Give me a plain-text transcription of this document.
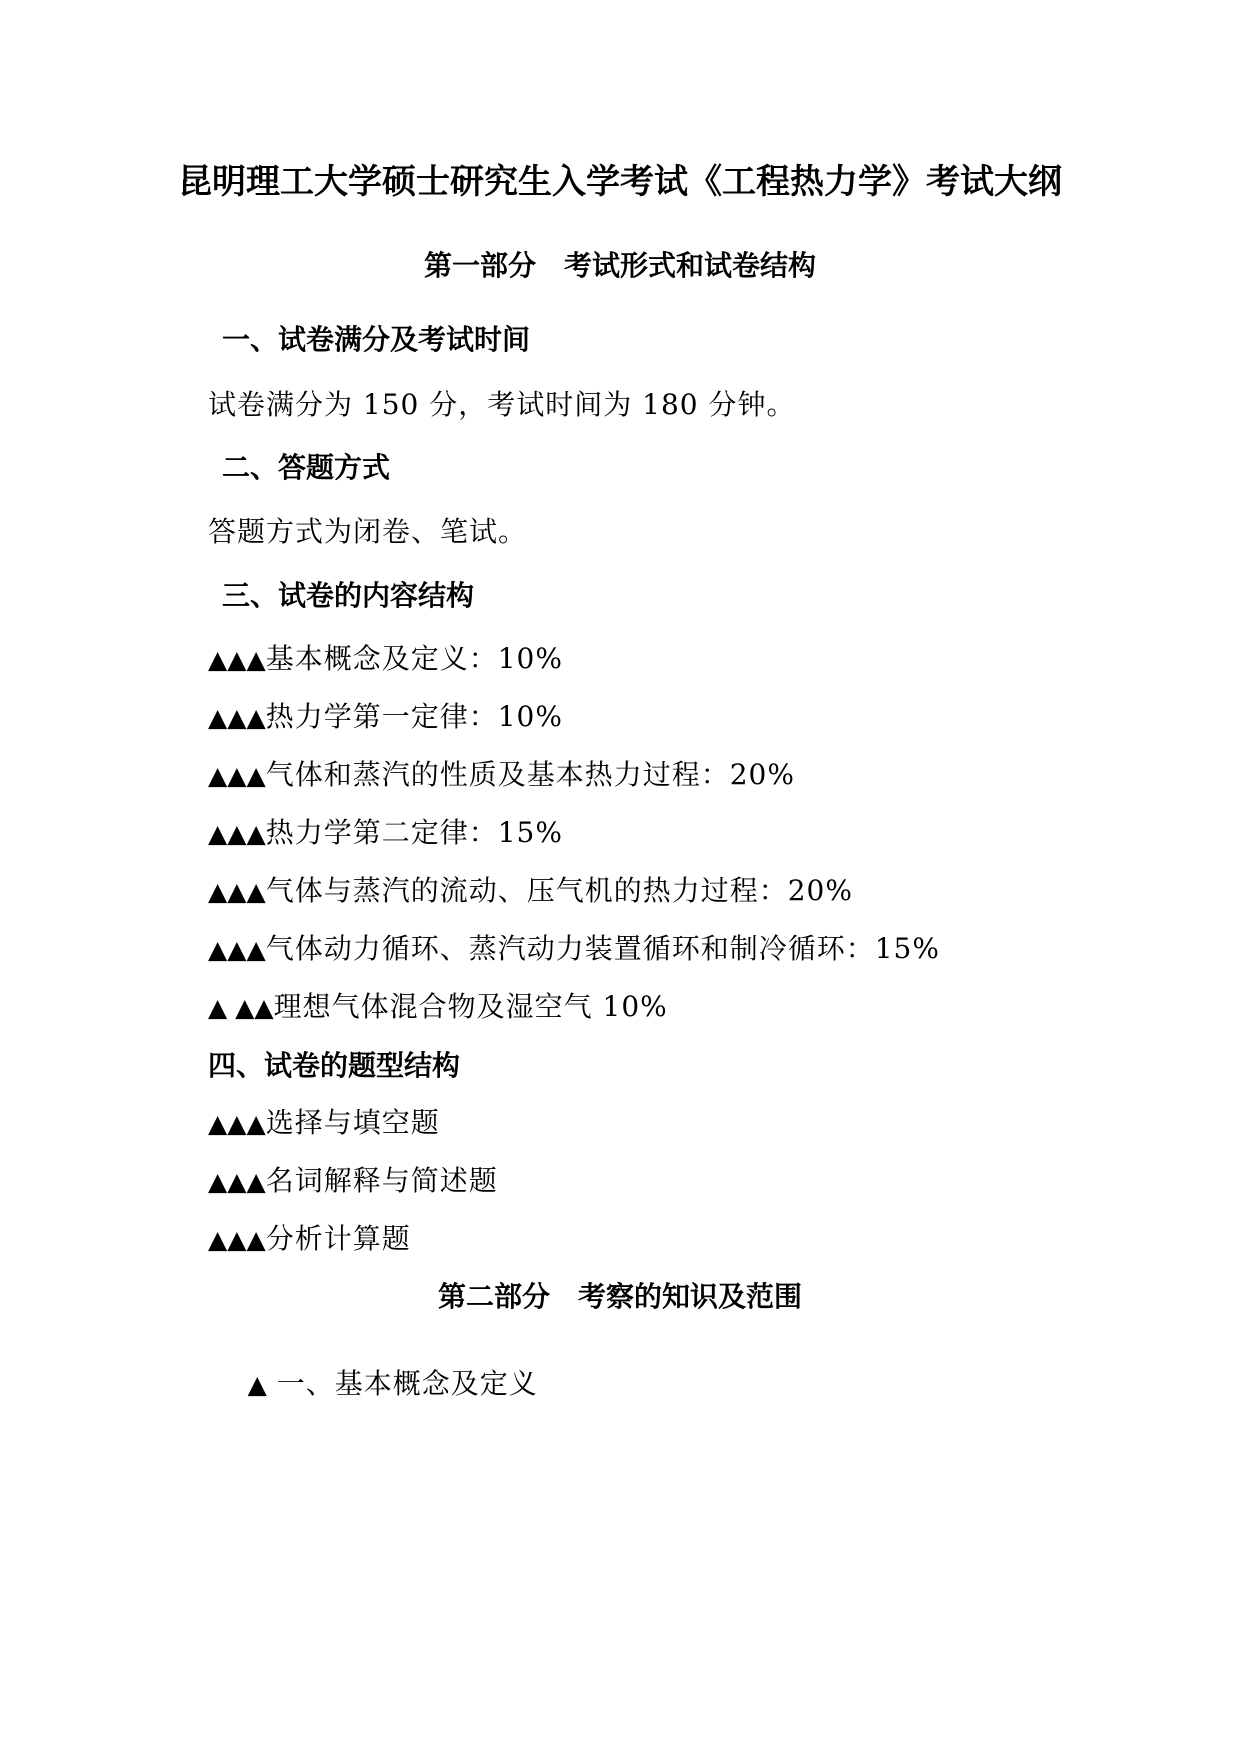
昆明理工大学硕士研究生入学考试《工程热力学》考试大纲
第一部分 考试形式和试卷结构
一、试卷满分及考试时间
试卷满分为 150 分，考试时间为 180 分钟。
二、答题方式
答题方式为闭卷、笔试。
三、试卷的内容结构
▲▲▲基本概念及定义：10%
▲▲▲热力学第一定律：10%
▲▲▲气体和蒸汽的性质及基本热力过程：20%
▲▲▲热力学第二定律：15%
▲▲▲气体与蒸汽的流动、压气机的热力过程：20%
▲▲▲气体动力循环、蒸汽动力装置循环和制冷循环：15%
▲ ▲▲理想气体混合物及湿空气 10%
四、试卷的题型结构
▲▲▲选择与填空题
▲▲▲名词解释与简述题
▲▲▲分析计算题
第二部分 考察的知识及范围

▲ 一、基本概念及定义
